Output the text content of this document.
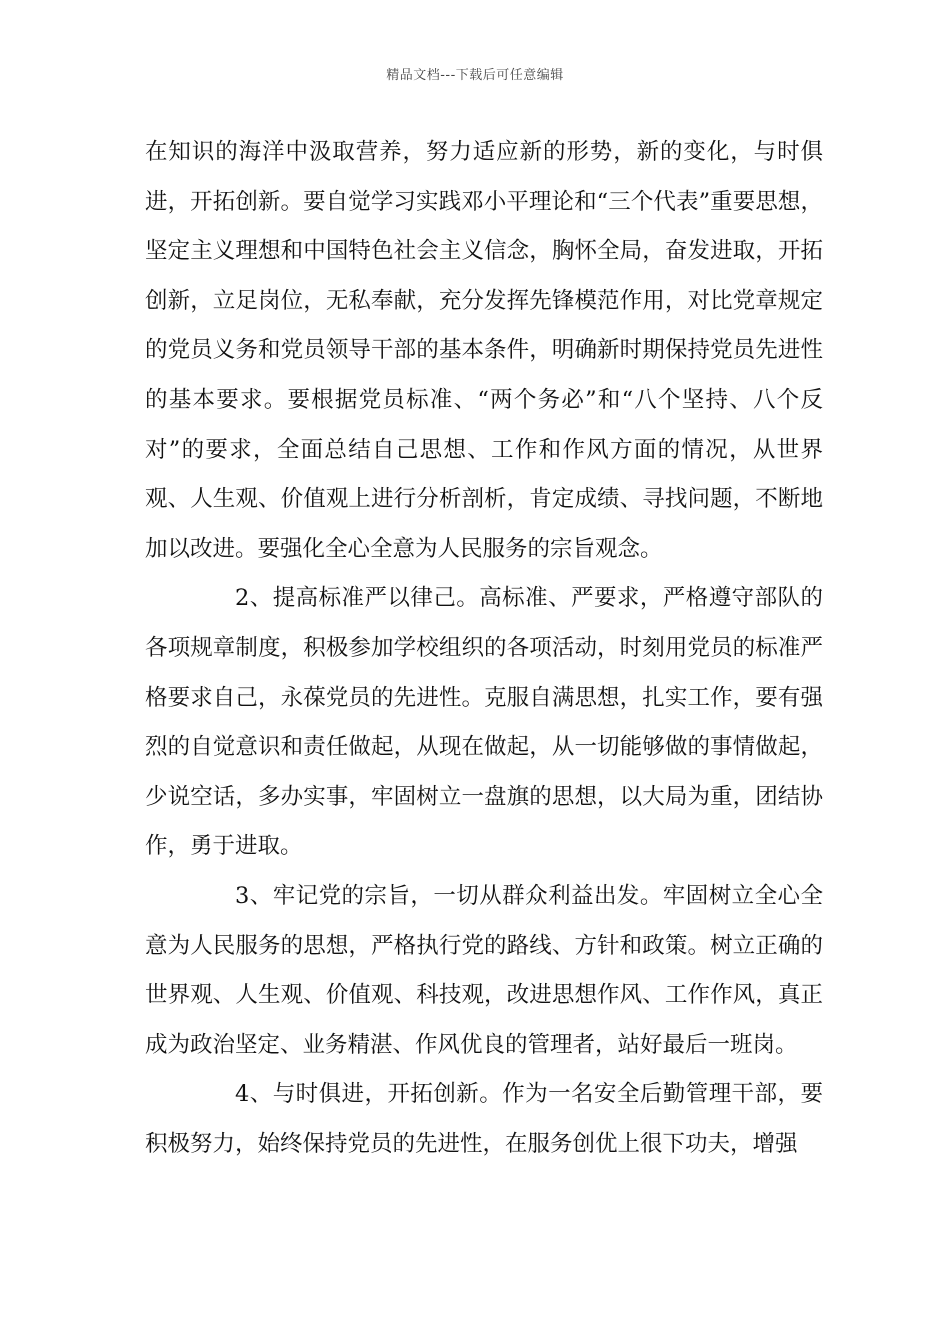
精品文档---下载后可任意编辑

在知识的海洋中汲取营养，努力适应新的形势，新的变化，与时俱进，开拓创新。要自觉学习实践邓小平理论和“三个代表”重要思想，坚定主义理想和中国特色社会主义信念，胸怀全局，奋发进取，开拓创新，立足岗位，无私奉献，充分发挥先锋模范作用，对比党章规定的党员义务和党员领导干部的基本条件，明确新时期保持党员先进性的基本要求。要根据党员标准、“两个务必”和“八个坚持、八个反对”的要求，全面总结自己思想、工作和作风方面的情况，从世界观、人生观、价值观上进行分析剖析，肯定成绩、寻找问题，不断地加以改进。要强化全心全意为人民服务的宗旨观念。

2、提高标准严以律己。高标准、严要求，严格遵守部队的各项规章制度，积极参加学校组织的各项活动，时刻用党员的标准严格要求自己，永葆党员的先进性。克服自满思想，扎实工作，要有强烈的自觉意识和责任做起，从现在做起，从一切能够做的事情做起，少说空话，多办实事，牢固树立一盘旗的思想，以大局为重，团结协作，勇于进取。

3、牢记党的宗旨，一切从群众利益出发。牢固树立全心全意为人民服务的思想，严格执行党的路线、方针和政策。树立正确的世界观、人生观、价值观、科技观，改进思想作风、工作作风，真正成为政治坚定、业务精湛、作风优良的管理者，站好最后一班岗。

4、与时俱进，开拓创新。作为一名安全后勤管理干部，要积极努力，始终保持党员的先进性，在服务创优上很下功夫，增强
